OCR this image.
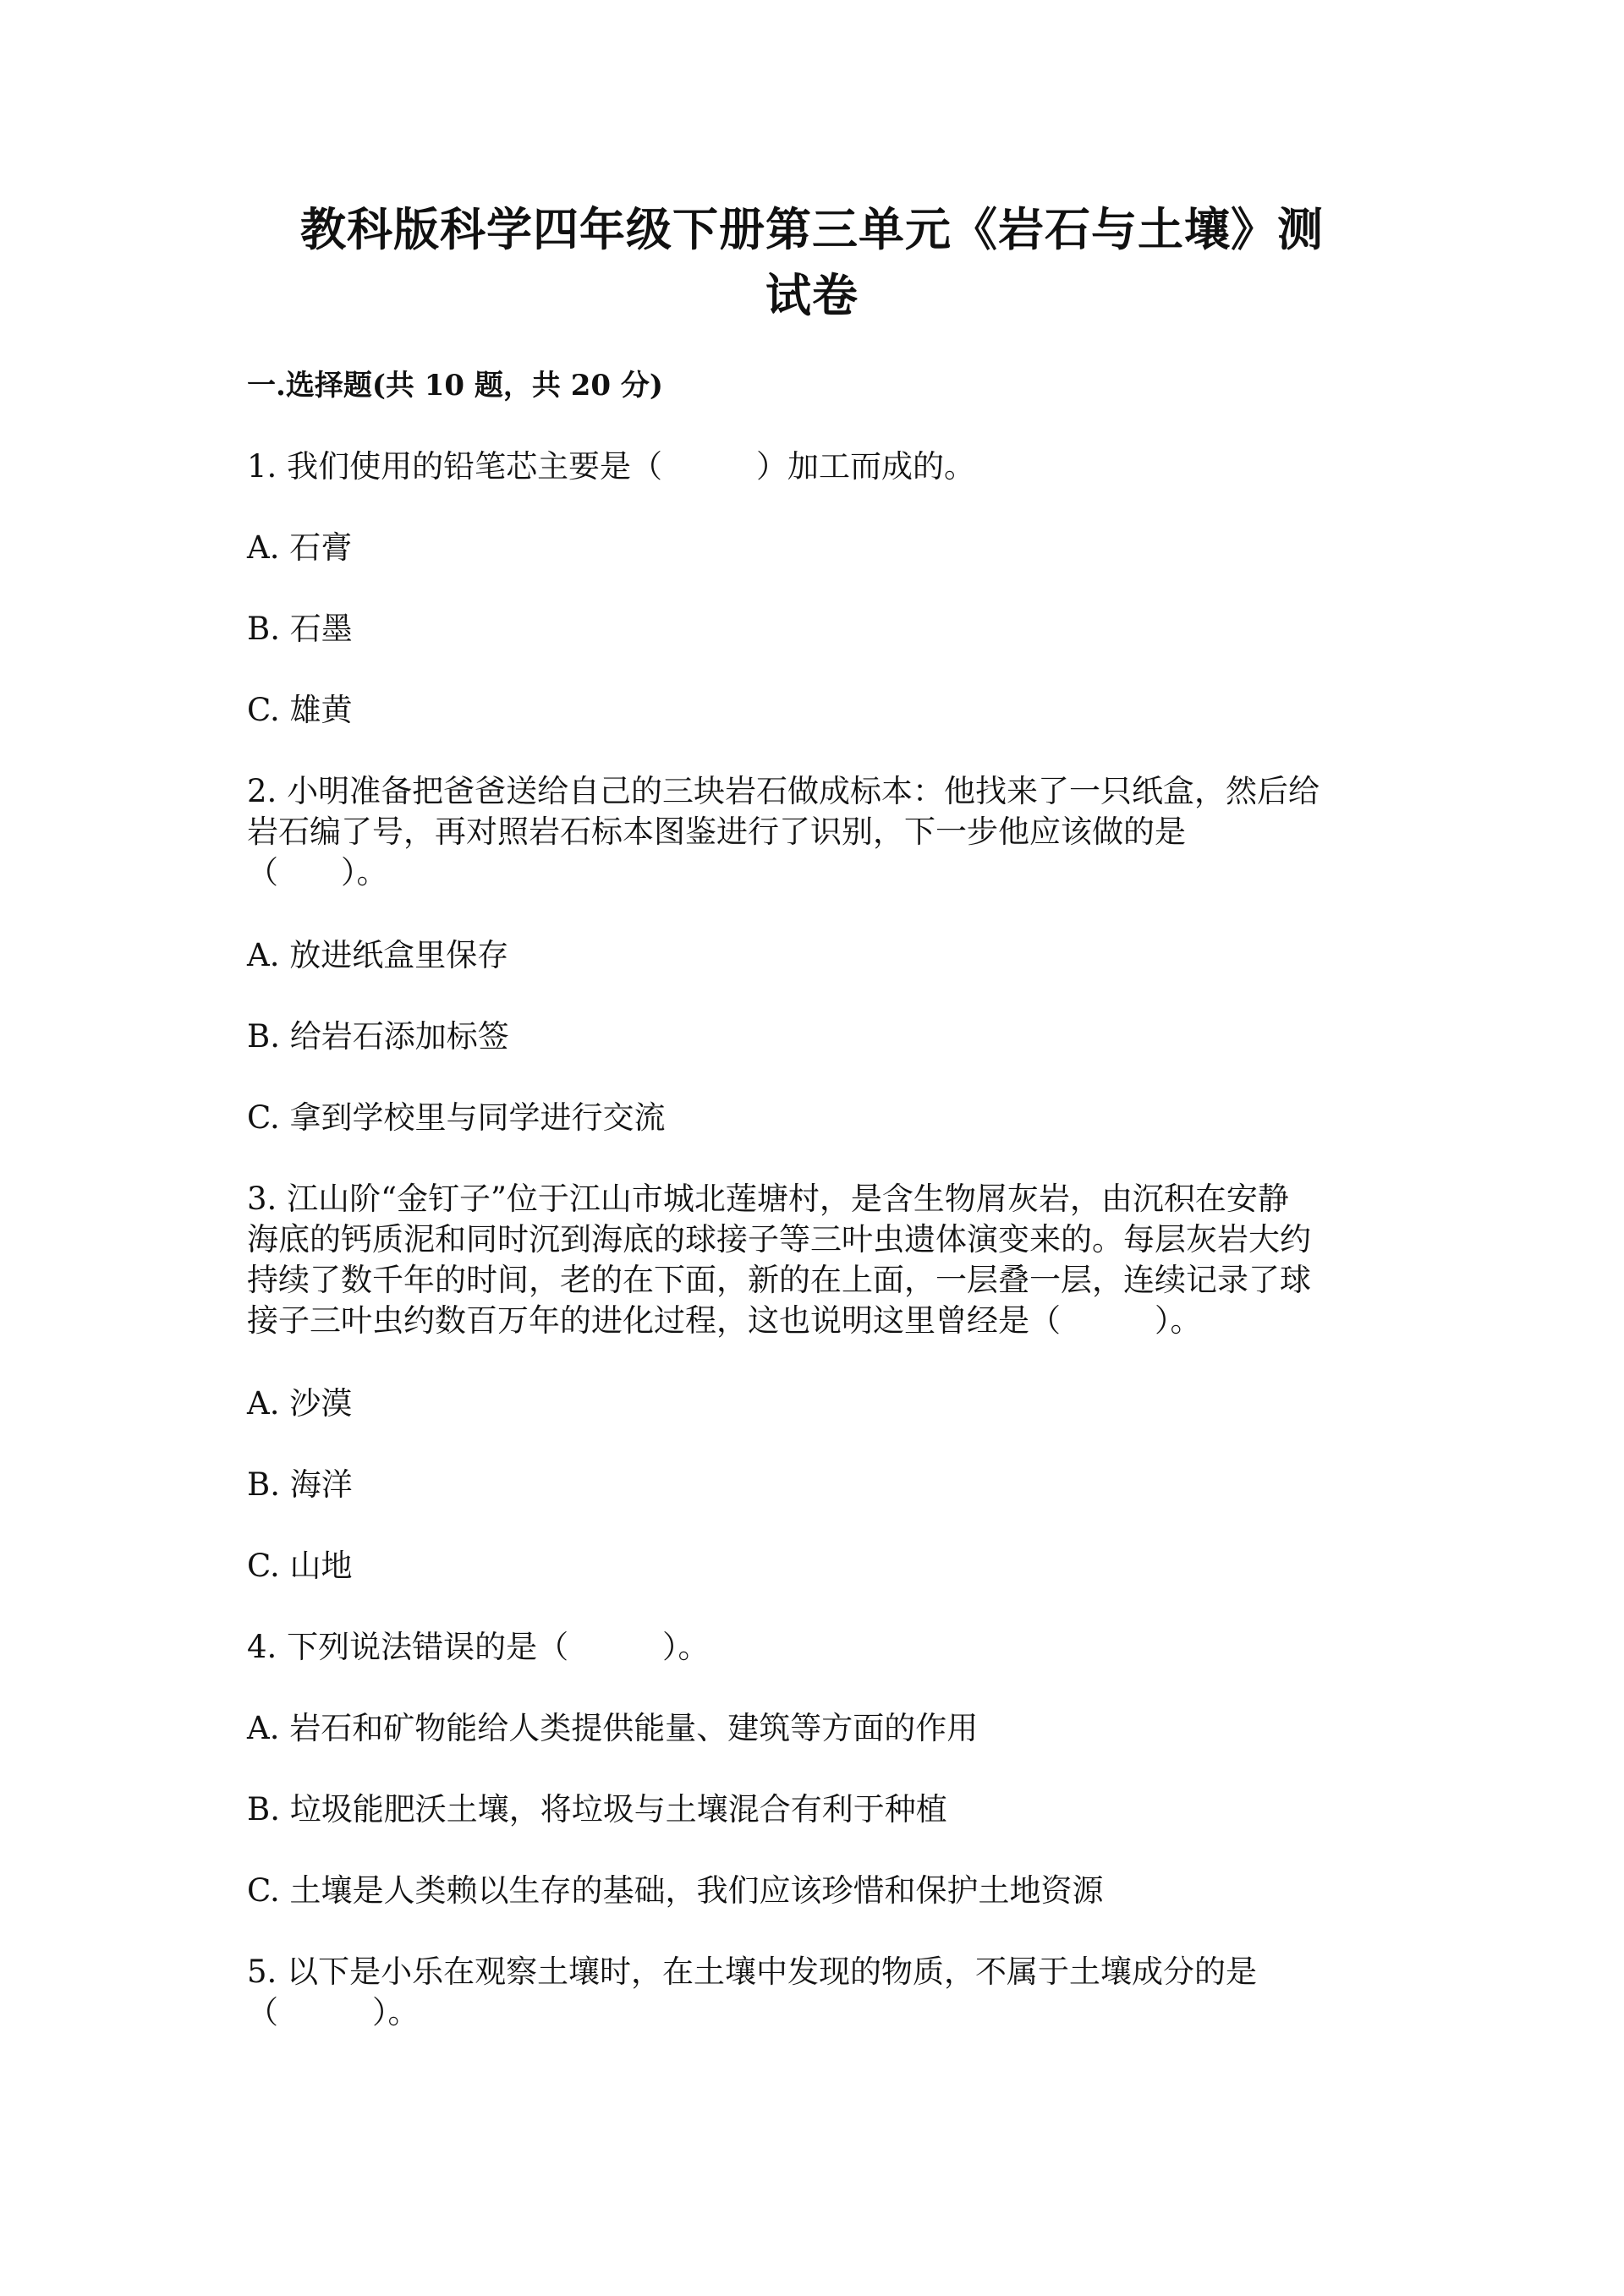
教科版科学四年级下册第三单元《岩石与土壤》测
试卷
一.选择题(共 10 题，共 20 分)
1. 我们使用的铅笔芯主要是（　　　）加工而成的。
A. 石膏
B. 石墨
C. 雄黄
2. 小明准备把爸爸送给自己的三块岩石做成标本：他找来了一只纸盒，然后给
岩石编了号，再对照岩石标本图鉴进行了识别，下一步他应该做的是
（　　）。
A. 放进纸盒里保存
B. 给岩石添加标签
C. 拿到学校里与同学进行交流
3. 江山阶“金钉子”位于江山市城北莲塘村，是含生物屑灰岩，由沉积在安静
海底的钙质泥和同时沉到海底的球接子等三叶虫遗体演变来的。每层灰岩大约
持续了数千年的时间，老的在下面，新的在上面，一层叠一层，连续记录了球
接子三叶虫约数百万年的进化过程，这也说明这里曾经是（　　　）。
A. 沙漠
B. 海洋
C. 山地
4. 下列说法错误的是（　　　）。
A. 岩石和矿物能给人类提供能量、建筑等方面的作用
B. 垃圾能肥沃土壤，将垃圾与土壤混合有利于种植
C. 土壤是人类赖以生存的基础，我们应该珍惜和保护土地资源
5. 以下是小乐在观察土壤时，在土壤中发现的物质，不属于土壤成分的是
（　　　）。
